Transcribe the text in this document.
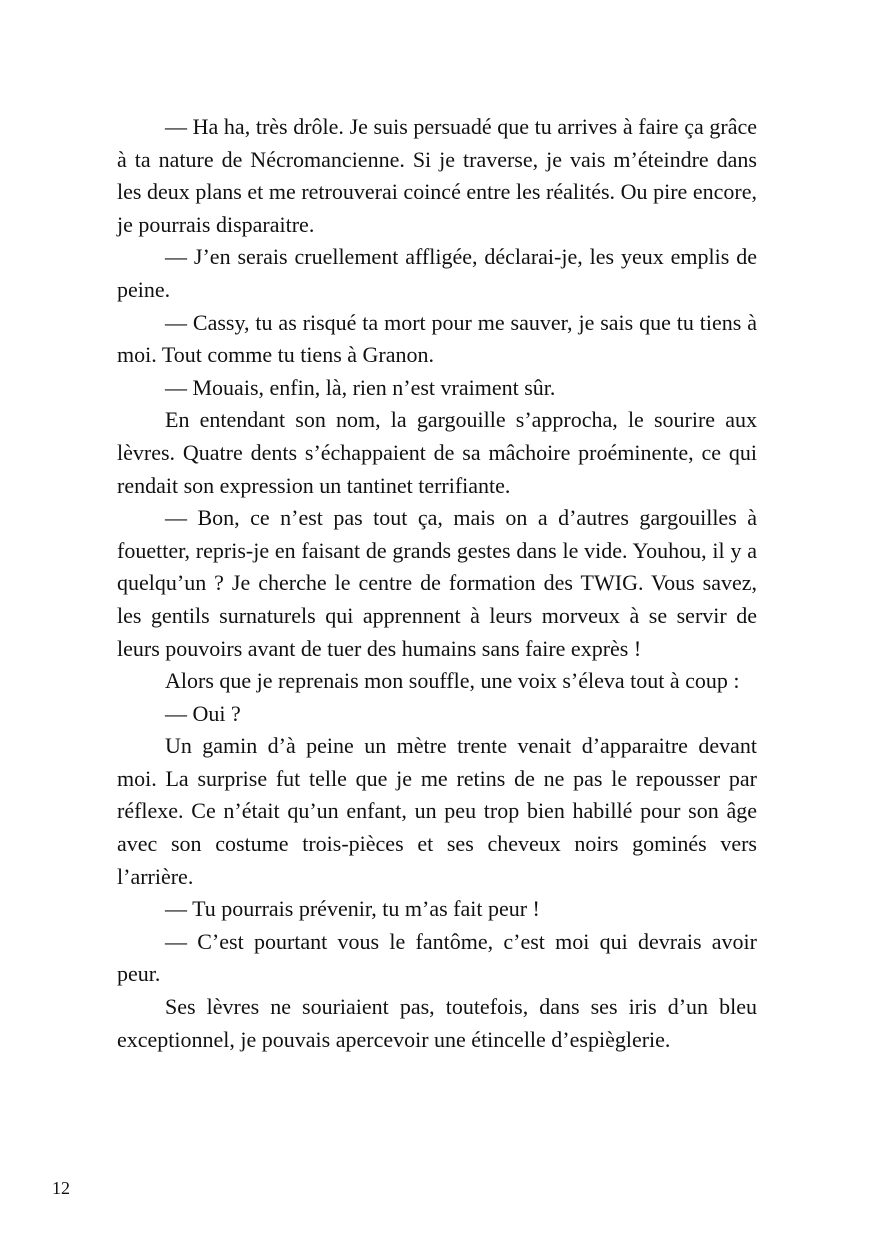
— Ha ha, très drôle. Je suis persuadé que tu arrives à faire ça grâce à ta nature de Nécromancienne. Si je traverse, je vais m’éteindre dans les deux plans et me retrouverai coincé entre les réalités. Ou pire encore, je pourrais disparaitre.

— J’en serais cruellement affligée, déclarai-je, les yeux emplis de peine.

— Cassy, tu as risqué ta mort pour me sauver, je sais que tu tiens à moi. Tout comme tu tiens à Granon.

— Mouais, enfin, là, rien n’est vraiment sûr.

En entendant son nom, la gargouille s’approcha, le sourire aux lèvres. Quatre dents s’échappaient de sa mâchoire proéminente, ce qui rendait son expression un tantinet terrifiante.

— Bon, ce n’est pas tout ça, mais on a d’autres gargouilles à fouetter, repris-je en faisant de grands gestes dans le vide. Youhou, il y a quelqu’un ? Je cherche le centre de formation des TWIG. Vous savez, les gentils surnaturels qui apprennent à leurs morveux à se servir de leurs pouvoirs avant de tuer des humains sans faire exprès !

Alors que je reprenais mon souffle, une voix s’éleva tout à coup :

— Oui ?

Un gamin d’à peine un mètre trente venait d’apparaitre devant moi. La surprise fut telle que je me retins de ne pas le repousser par réflexe. Ce n’était qu’un enfant, un peu trop bien habillé pour son âge avec son costume trois-pièces et ses cheveux noirs gominés vers l’arrière.

— Tu pourrais prévenir, tu m’as fait peur !

— C’est pourtant vous le fantôme, c’est moi qui devrais avoir peur.

Ses lèvres ne souriaient pas, toutefois, dans ses iris d’un bleu exceptionnel, je pouvais apercevoir une étincelle d’espièglerie.

12
